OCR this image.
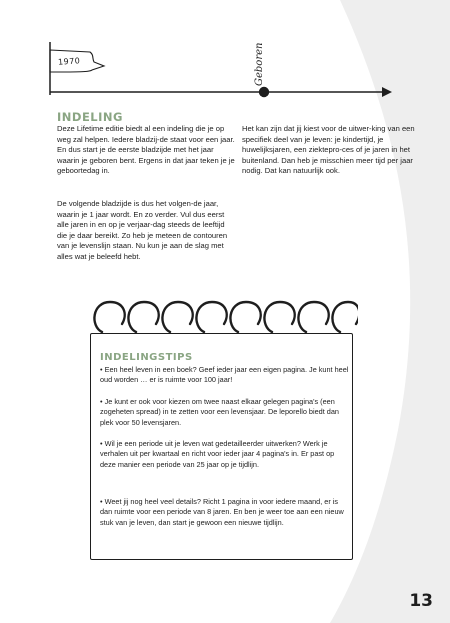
1970	Geboren
INDELING

Deze Lifetime editie biedt al een indeling die je op weg zal helpen. Iedere bladzij-de staat voor een jaar. En dus start je de eerste bladzijde met het jaar waarin je geboren bent. Ergens in dat jaar teken je je geboortedag in.

De volgende bladzijde is dus het volgen-de jaar, waarin je 1 jaar wordt. En zo verder. Vul dus eerst alle jaren in en op je verjaar-dag steeds de leeftijd die je daar bereikt. Zo heb je meteen de contouren van je levenslijn staan. Nu kun je aan de slag met alles wat je beleefd hebt.

Het kan zijn dat jij kiest voor de uitwer-king van een specifiek deel van je leven: je kindertijd, je huwelijksjaren, een ziektepro-ces of je jaren in het buitenland. Dan heb je misschien meer tijd per jaar nodig. Dat kan natuurlijk ook.

INDELINGSTIPS

• Een heel leven in een boek? Geef ieder jaar een eigen pagina. Je kunt heel oud worden … er is ruimte voor 100 jaar!

• Je kunt er ook voor kiezen om twee naast elkaar gelegen pagina's (een zogeheten spread) in te zetten voor een levensjaar. De leporello biedt dan plek voor 50 levensjaren.

• Wil je een periode uit je leven wat gedetailleerder uitwerken? Werk je verhalen uit per kwartaal en richt voor ieder jaar 4 pagina's in. Er past op deze manier een periode van 25 jaar op je tijdlijn.

• Weet jij nog heel veel details? Richt 1 pagina in voor iedere maand, er is dan ruimte voor een periode van 8 jaren. En ben je weer toe aan een nieuw stuk van je leven, dan start je gewoon een nieuwe tijdlijn.

13
